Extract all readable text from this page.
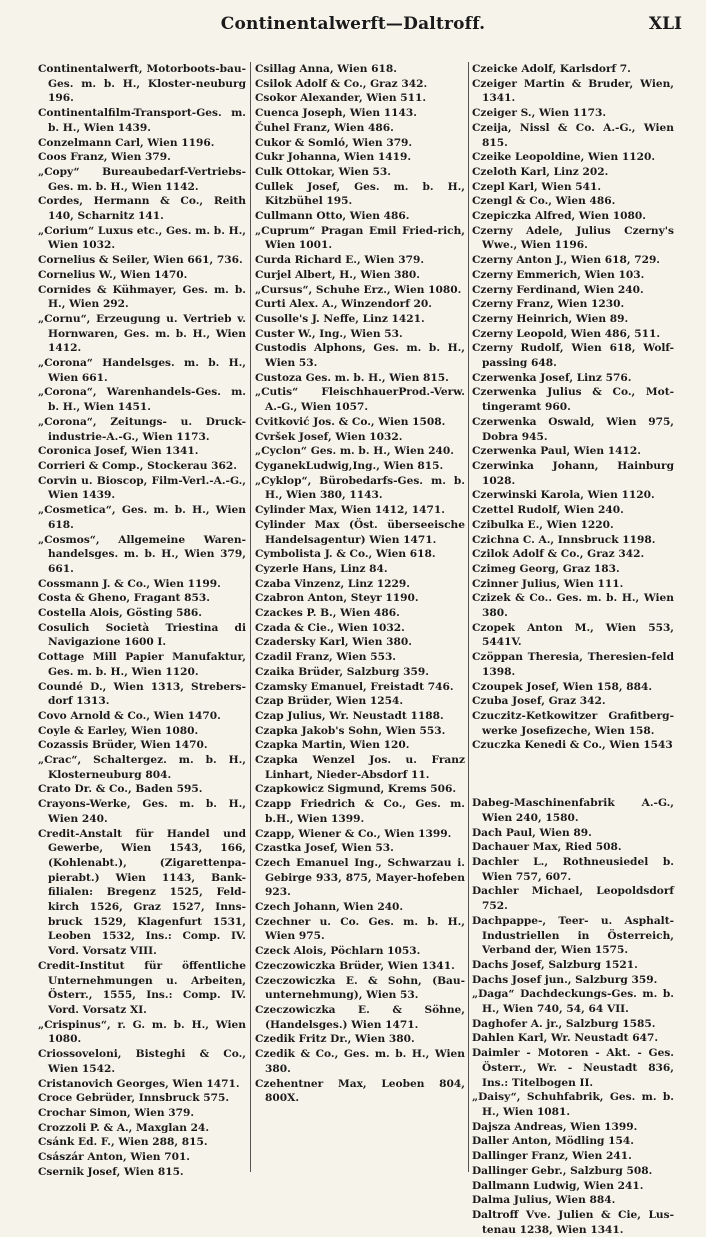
Continentalwerft—Daltroff.	XLI

Continentalwerft, Motorboots-bau-Ges. m. b. H., Kloster-neuburg 196.

Continentalfilm-Transport-Ges. m. b. H., Wien 1439.

Conzelmann Carl, Wien 1196.

Coos Franz, Wien 379.

„Copy“ Bureaubedarf-Vertriebs-Ges. m. b. H., Wien 1142.

Cordes, Hermann & Co., Reith 140, Scharnitz 141.

„Corium“ Luxus etc., Ges. m. b. H., Wien 1032.

Cornelius & Seiler, Wien 661, 736.

Cornelius W., Wien 1470.

Cornides & Kühmayer, Ges. m. b. H., Wien 292.

„Cornu“, Erzeugung u. Vertrieb v. Hornwaren, Ges. m. b. H., Wien 1412.

„Corona“ Handelsges. m. b. H., Wien 661.

„Corona“, Warenhandels-Ges. m. b. H., Wien 1451.

„Corona“, Zeitungs- u. Druck-industrie-A.-G., Wien 1173.

Coronica Josef, Wien 1341.

Corrieri & Comp., Stockerau 362.

Corvin u. Bioscop, Film-Verl.-A.-G., Wien 1439.

„Cosmetica“, Ges. m. b. H., Wien 618.

„Cosmos“, Allgemeine Waren-handelsges. m. b. H., Wien 379, 661.

Cossmann J. & Co., Wien 1199.

Costa & Gheno, Fragant 853.

Costella Alois, Gösting 586.

Cosulich Società Triestina di Navigazione 1600 I.

Cottage Mill Papier Manufaktur, Ges. m. b. H., Wien 1120.

Coundé D., Wien 1313, Strebers-dorf 1313.

Covo Arnold & Co., Wien 1470.

Coyle & Earley, Wien 1080.

Cozassis Brüder, Wien 1470.

„Crac“, Schaltergez. m. b. H., Klosterneuburg 804.

Crato Dr. & Co., Baden 595.

Crayons-Werke, Ges. m. b. H., Wien 240.

Credit-Anstalt für Handel und Gewerbe, Wien 1543, 166, (Kohlenabt.), (Zigarettenpa-pierabt.) Wien 1143, Bank-filialen: Bregenz 1525, Feld-kirch 1526, Graz 1527, Inns-bruck 1529, Klagenfurt 1531, Leoben 1532, Ins.: Comp. IV. Vord. Vorsatz VIII.

Credit-Institut für öffentliche Unternehmungen u. Arbeiten, Österr., 1555, Ins.: Comp. IV. Vord. Vorsatz XI.

„Crispinus“, r. G. m. b. H., Wien 1080.

Criossoveloni, Bisteghi & Co., Wien 1542.

Cristanovich Georges, Wien 1471.

Croce Gebrüder, Innsbruck 575.

Crochar Simon, Wien 379.

Crozzoli P. & A., Maxglan 24.

Csánk Ed. F., Wien 288, 815.

Császár Anton, Wien 701.

Csernik Josef, Wien 815.

Csillag Anna, Wien 618.

Csilok Adolf & Co., Graz 342.

Csokor Alexander, Wien 511.

Cuenca Joseph, Wien 1143.

Čuhel Franz, Wien 486.

Cukor & Somló, Wien 379.

Cukr Johanna, Wien 1419.

Culk Ottokar, Wien 53.

Cullek Josef, Ges. m. b. H., Kitzbühel 195.

Cullmann Otto, Wien 486.

„Cuprum“ Pragan Emil Fried-rich, Wien 1001.

Curda Richard E., Wien 379.

Curjel Albert, H., Wien 380.

„Cursus“, Schuhe Erz., Wien 1080.

Curti Alex. A., Winzendorf 20.

Cusolle's J. Neffe, Linz 1421.

Custer W., Ing., Wien 53.

Custodis Alphons, Ges. m. b. H., Wien 53.

Custoza Ges. m. b. H., Wien 815.

„Cutis“ FleischhauerProd.-Verw. A.-G., Wien 1057.

Cvitković Jos. & Co., Wien 1508.

Cvršek Josef, Wien 1032.

„Cyclon“ Ges. m. b. H., Wien 240.

CyganekLudwig,Ing., Wien 815.

„Cyklop“, Bürobedarfs-Ges. m. b. H., Wien 380, 1143.

Cylinder Max, Wien 1412, 1471.

Cylinder Max (Öst. überseeische Handelsagentur) Wien 1471.

Cymbolista J. & Co., Wien 618.

Cyzerle Hans, Linz 84.

Czaba Vinzenz, Linz 1229.

Czabron Anton, Steyr 1190.

Czackes P. B., Wien 486.

Czada & Cie., Wien 1032.

Czadersky Karl, Wien 380.

Czadil Franz, Wien 553.

Czaika Brüder, Salzburg 359.

Czamsky Emanuel, Freistadt 746.

Czap Brüder, Wien 1254.

Czap Julius, Wr. Neustadt 1188.

Czapka Jakob's Sohn, Wien 553.

Czapka Martin, Wien 120.

Czapka Wenzel Jos. u. Franz Linhart, Nieder-Absdorf 11.

Czapkowicz Sigmund, Krems 506.

Czapp Friedrich & Co., Ges. m. b.H., Wien 1399.

Czapp, Wiener & Co., Wien 1399.

Czastka Josef, Wien 53.

Czech Emanuel Ing., Schwarzau i. Gebirge 933, 875, Mayer-hofeben 923.

Czech Johann, Wien 240.

Czechner u. Co. Ges. m. b. H., Wien 975.

Czeck Alois, Pöchlarn 1053.

Czeczowiczka Brüder, Wien 1341.

Czeczowiczka E. & Sohn, (Bau-unternehmung), Wien 53.

Czeczowiczka E. & Söhne, (Handelsges.) Wien 1471.

Czedik Fritz Dr., Wien 380.

Czedik & Co., Ges. m. b. H., Wien 380.

Czehentner Max, Leoben 804, 800X.

Czeicke Adolf, Karlsdorf 7.

Czeiger Martin & Bruder, Wien, 1341.

Czeiger S., Wien 1173.

Czeija, Nissl & Co. A.-G., Wien 815.

Czeike Leopoldine, Wien 1120.

Czeloth Karl, Linz 202.

Czepl Karl, Wien 541.

Czengl & Co., Wien 486.

Czepiczka Alfred, Wien 1080.

Czerny Adele, Julius Czerny's Wwe., Wien 1196.

Czerny Anton J., Wien 618, 729.

Czerny Emmerich, Wien 103.

Czerny Ferdinand, Wien 240.

Czerny Franz, Wien 1230.

Czerny Heinrich, Wien 89.

Czerny Leopold, Wien 486, 511.

Czerny Rudolf, Wien 618, Wolf-passing 648.

Czerwenka Josef, Linz 576.

Czerwenka Julius & Co., Mot-tingeramt 960.

Czerwenka Oswald, Wien 975, Dobra 945.

Czerwenka Paul, Wien 1412.

Czerwinka Johann, Hainburg 1028.

Czerwinski Karola, Wien 1120.

Czettel Rudolf, Wien 240.

Czibulka E., Wien 1220.

Czichna C. A., Innsbruck 1198.

Czilok Adolf & Co., Graz 342.

Czimeg Georg, Graz 183.

Czinner Julius, Wien 111.

Czizek & Co.. Ges. m. b. H., Wien 380.

Czopek Anton M., Wien 553, 5441V.

Czöppan Theresia, Theresien-feld 1398.

Czoupek Josef, Wien 158, 884.

Czuba Josef, Graz 342.

Czuczitz-Ketkowitzer Grafitberg-werke Josefizeche, Wien 158.

Czuczka Kenedi & Co., Wien 1543

Dabeg-Maschinenfabrik A.-G., Wien 240, 1580.

Dach Paul, Wien 89.

Dachauer Max, Ried 508.

Dachler L., Rothneusiedel b. Wien 757, 607.

Dachler Michael, Leopoldsdorf 752.

Dachpappe-, Teer- u. Asphalt-Industriellen in Österreich, Verband der, Wien 1575.

Dachs Josef, Salzburg 1521.

Dachs Josef jun., Salzburg 359.

„Daga“ Dachdeckungs-Ges. m. b. H., Wien 740, 54, 64 VII.

Daghofer A. jr., Salzburg 1585.

Dahlen Karl, Wr. Neustadt 647.

Daimler - Motoren - Akt. - Ges. Österr., Wr. - Neustadt 836, Ins.: Titelbogen II.

„Daisy“, Schuhfabrik, Ges. m. b. H., Wien 1081.

Dajsza Andreas, Wien 1399.

Daller Anton, Mödling 154.

Dallinger Franz, Wien 241.

Dallinger Gebr., Salzburg 508.

Dallmann Ludwig, Wien 241.

Dalma Julius, Wien 884.

Daltroff Vve. Julien & Cie, Lus-tenau 1238, Wien 1341.
